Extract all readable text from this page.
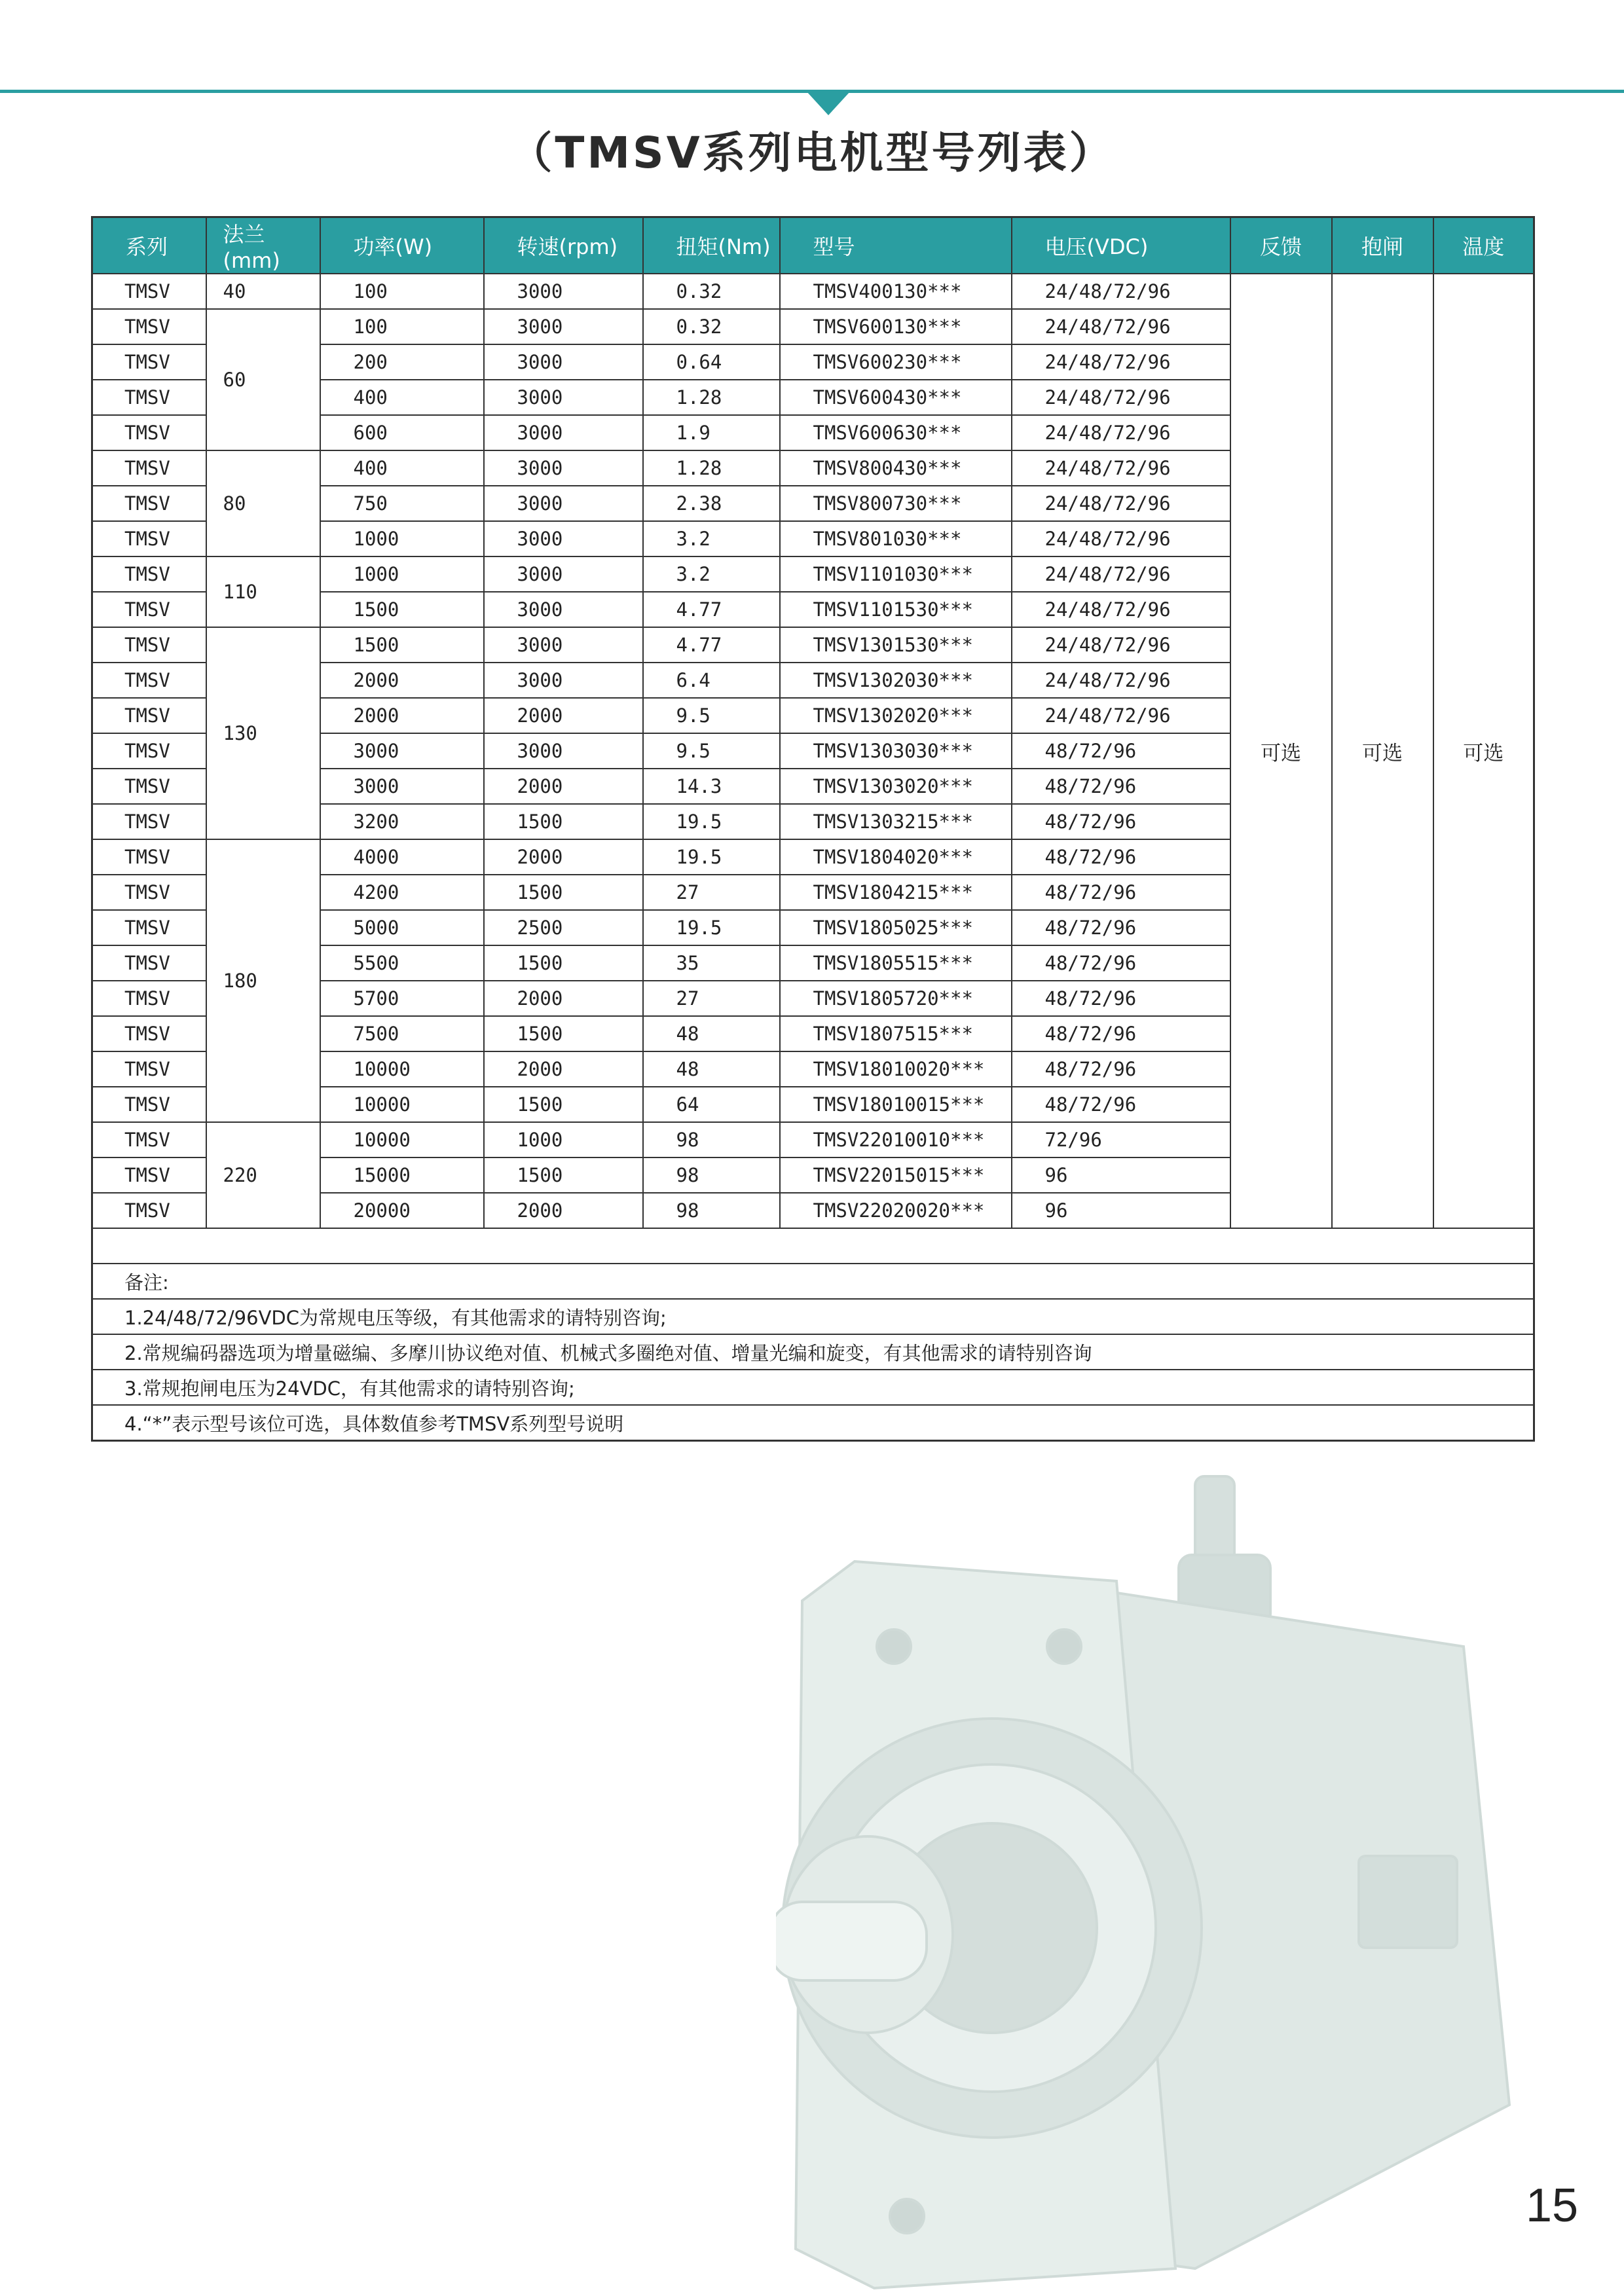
（TMSV系列电机型号列表）
系列	法兰(mm)	功率(W)	转速(rpm)	扭矩(Nm)	型号	电压(VDC)	反馈	抱闸	温度
TMSV	40	100	3000	0.32	TMSV400130***	24/48/72/96	可选	可选	可选
TMSV	60	100	3000	0.32	TMSV600130***	24/48/72/96			
TMSV		200	3000	0.64	TMSV600230***	24/48/72/96			
TMSV		400	3000	1.28	TMSV600430***	24/48/72/96			
TMSV		600	3000	1.9	TMSV600630***	24/48/72/96			
TMSV	80	400	3000	1.28	TMSV800430***	24/48/72/96			
TMSV		750	3000	2.38	TMSV800730***	24/48/72/96			
TMSV		1000	3000	3.2	TMSV801030***	24/48/72/96			
TMSV	110	1000	3000	3.2	TMSV1101030***	24/48/72/96			
TMSV		1500	3000	4.77	TMSV1101530***	24/48/72/96			
TMSV	130	1500	3000	4.77	TMSV1301530***	24/48/72/96			
TMSV		2000	3000	6.4	TMSV1302030***	24/48/72/96			
TMSV		2000	2000	9.5	TMSV1302020***	24/48/72/96			
TMSV		3000	3000	9.5	TMSV1303030***	48/72/96			
TMSV		3000	2000	14.3	TMSV1303020***	48/72/96			
TMSV		3200	1500	19.5	TMSV1303215***	48/72/96			
TMSV	180	4000	2000	19.5	TMSV1804020***	48/72/96			
TMSV		4200	1500	27	TMSV1804215***	48/72/96			
TMSV		5000	2500	19.5	TMSV1805025***	48/72/96			
TMSV		5500	1500	35	TMSV1805515***	48/72/96			
TMSV		5700	2000	27	TMSV1805720***	48/72/96			
TMSV		7500	1500	48	TMSV1807515***	48/72/96			
TMSV		10000	2000	48	TMSV18010020***	48/72/96			
TMSV		10000	1500	64	TMSV18010015***	48/72/96			
TMSV	220	10000	1000	98	TMSV22010010***	72/96			
TMSV		15000	1500	98	TMSV22015015***	96			
TMSV		20000	2000	98	TMSV22020020***	96			

备注:									
1.24/48/72/96VDC为常规电压等级，有其他需求的请特别咨询;									
2.常规编码器选项为增量磁编、多摩川协议绝对值、机械式多圈绝对值、增量光编和旋变，有其他需求的请特别咨询									
3.常规抱闸电压为24VDC，有其他需求的请特别咨询;									
4.“*”表示型号该位可选，具体数值参考TMSV系列型号说明									
15
